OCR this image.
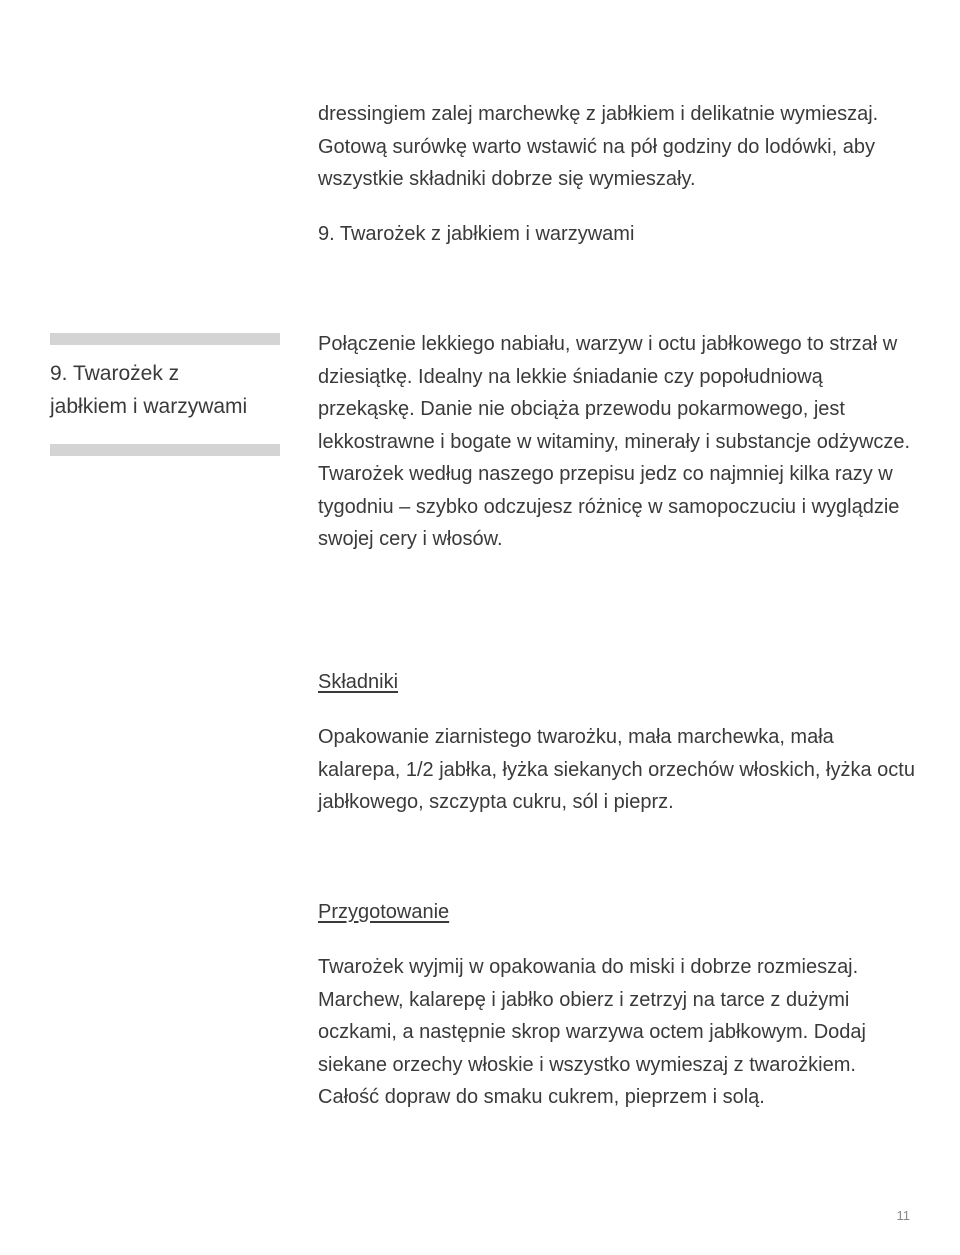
dressingiem zalej marchewkę z jabłkiem i delikatnie wymieszaj. Gotową surówkę warto wstawić na pół godziny do lodówki, aby wszystkie składniki dobrze się wymieszały.
9. Twarożek z jabłkiem i warzywami
9. Twarożek z
jabłkiem i warzywami
Połączenie lekkiego nabiału, warzyw i octu jabłkowego to strzał w dziesiątkę. Idealny na lekkie śniadanie czy popołudniową przekąskę. Danie nie obciąża przewodu pokarmowego, jest lekkostrawne i bogate w witaminy, minerały i substancje odżywcze. Twarożek według naszego przepisu jedz co najmniej kilka razy w tygodniu – szybko odczujesz różnicę w samopoczuciu i wyglądzie swojej cery i włosów.
Składniki
Opakowanie ziarnistego twarożku, mała marchewka, mała kalarepa, 1/2 jabłka, łyżka siekanych orzechów włoskich, łyżka octu jabłkowego, szczypta cukru, sól i pieprz.
Przygotowanie
Twarożek wyjmij w opakowania do miski i dobrze rozmieszaj. Marchew, kalarepę i jabłko obierz i zetrzyj na tarce z dużymi oczkami, a następnie skrop warzywa octem jabłkowym. Dodaj siekane orzechy włoskie i wszystko wymieszaj z twarożkiem. Całość dopraw do smaku cukrem, pieprzem i solą.
11
